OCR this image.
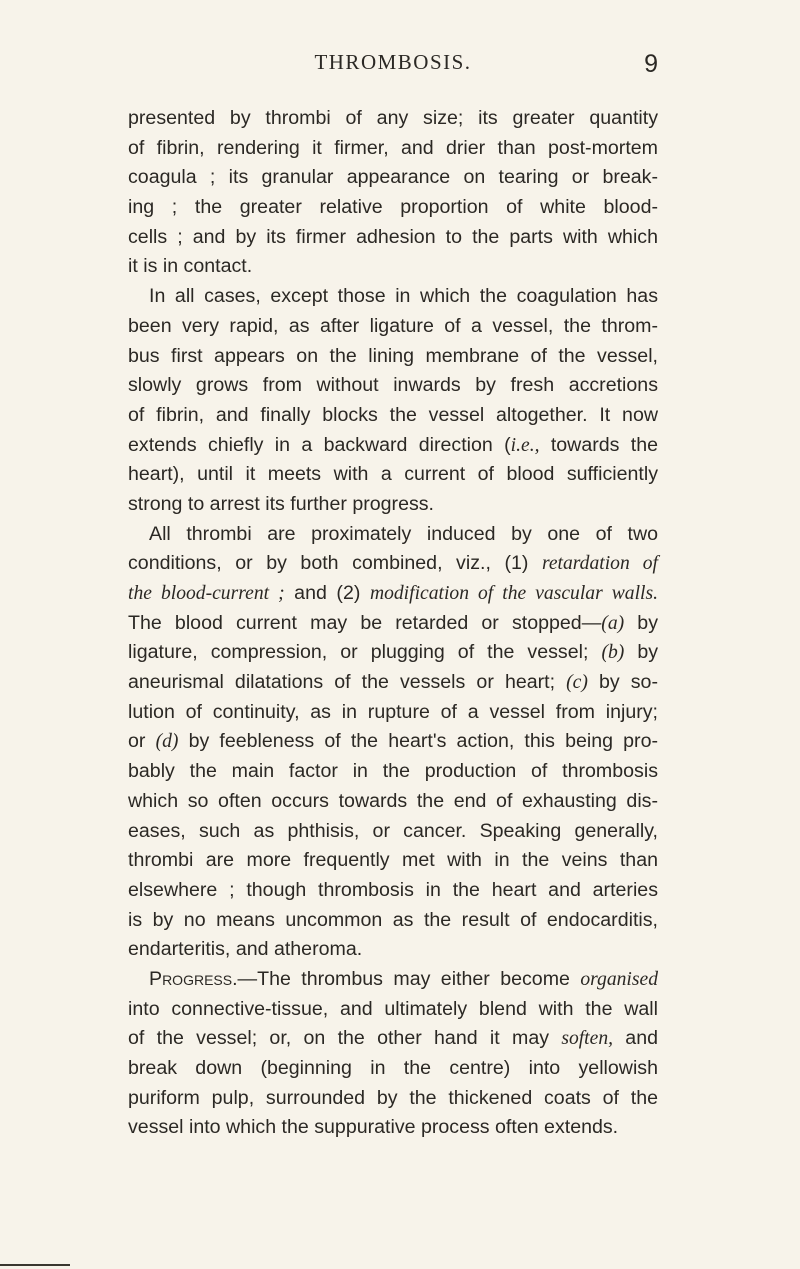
THROMBOSIS.	9
presented by thrombi of any size; its greater quantity
of fibrin, rendering it firmer, and drier than post-mortem
coagula ; its granular appearance on tearing or break-
ing ; the greater relative proportion of white blood-
cells ; and by its firmer adhesion to the parts with which
it is in contact.
In all cases, except those in which the coagulation has
been very rapid, as after ligature of a vessel, the throm-
bus first appears on the lining membrane of the vessel,
slowly grows from without inwards by fresh accretions
of fibrin, and finally blocks the vessel altogether. It now
extends chiefly in a backward direction (i.e., towards the
heart), until it meets with a current of blood sufficiently
strong to arrest its further progress.
All thrombi are proximately induced by one of two
conditions, or by both combined, viz., (1) retardation of
the blood-current ; and (2) modification of the vascular walls.
The blood current may be retarded or stopped—(a) by
ligature, compression, or plugging of the vessel; (b) by
aneurismal dilatations of the vessels or heart; (c) by so-
lution of continuity, as in rupture of a vessel from injury;
or (d) by feebleness of the heart's action, this being pro-
bably the main factor in the production of thrombosis
which so often occurs towards the end of exhausting dis-
eases, such as phthisis, or cancer. Speaking generally,
thrombi are more frequently met with in the veins than
elsewhere ; though thrombosis in the heart and arteries
is by no means uncommon as the result of endocarditis,
endarteritis, and atheroma.
Progress.—The thrombus may either become organised
into connective-tissue, and ultimately blend with the wall
of the vessel; or, on the other hand it may soften, and
break down (beginning in the centre) into yellowish
puriform pulp, surrounded by the thickened coats of the
vessel into which the suppurative process often extends.
